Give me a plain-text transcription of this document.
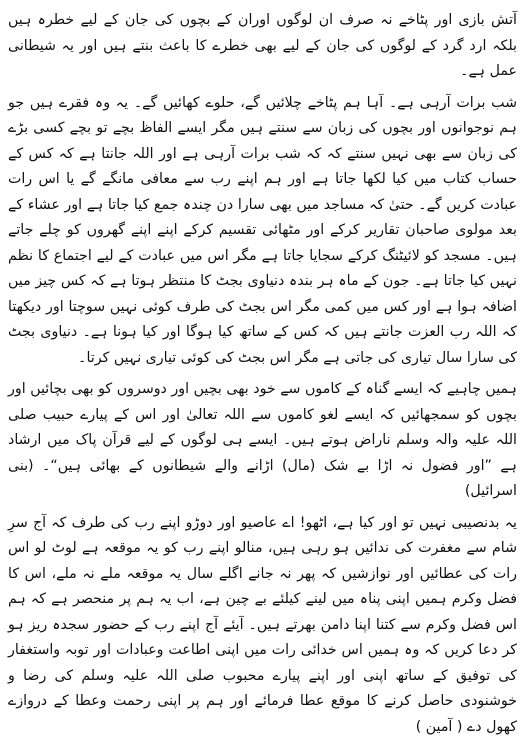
آتش بازی اور پٹاخے نہ صرف ان لوگوں اوران کے بچوں کی جان کے لیے خطرہ ہیں بلکہ ارد گرد کے لوگوں کی جان کے لیے بھی خطرے کا باعث بنتے ہیں اور یہ شیطانی عمل ہے۔

شب برات آرہی ہے۔ آہا ہم پٹاخے چلائیں گے، حلوے کھائیں گے۔ یہ وہ فقرے ہیں جو ہم نوجوانوں اور بچوں کی زبان سے سنتے ہیں مگر ایسے الفاظ بچے تو بچے کسی بڑے کی زبان سے بھی نہیں سنتے کہ کہ شب برات آرہی ہے اور اللہ جانتا ہے کہ کس کے حساب کتاب میں کیا لکھا جاتا ہے اور ہم اپنے رب سے معافی مانگے گے یا اس رات عبادت کریں گے۔ حتیٰ کہ مساجد میں بھی سارا دن چندہ جمع کیا جاتا ہے اور عشاء کے بعد مولوی صاحبان تقاریر کرکے اور مٹھائی تقسیم کرکے اپنے اپنے گھروں کو چلے جاتے ہیں۔ مسجد کو لائیٹنگ کرکے سجایا جاتا ہے مگر اس میں عبادت کے لیے اجتماع کا نظم نہیں کیا جاتا ہے۔ جون کے ماہ ہر بندہ دنیاوی بجٹ کا منتظر ہوتا ہے کہ کس چیز میں اضافہ ہوا ہے اور کس میں کمی مگر اس بجٹ کی طرف کوئی نہیں سوچتا اور دیکھتا کہ اللہ رب العزت جانتے ہیں کہ کس کے ساتھ کیا ہوگا اور کیا ہونا ہے۔ دنیاوی بجٹ کی سارا سال تیاری کی جاتی ہے مگر اس بجٹ کی کوئی تیاری نہیں کرتا۔

ہمیں چاہیے کہ ایسے گناہ کے کاموں سے خود بھی بچیں اور دوسروں کو بھی بچائیں اور بچوں کو سمجھائیں کہ ایسے لغو کاموں سے اللہ تعالیٰ اور اس کے پیارے حبیب صلی اللہ علیہ والہ وسلم ناراض ہوتے ہیں۔ ایسے ہی لوگوں کے لیے قرآن پاک میں ارشاد ہے ”اور فضول نہ اڑا بے شک (مال) اڑانے والے شیطانوں کے بھائی ہیں“۔ (بنی اسرائیل)

یہ بدنصیبی نہیں تو اور کیا ہے، اٹھو! اے عاصیو اور دوڑو اپنے رب کی طرف کہ آج سرِ شام سے مغفرت کی ندائیں ہو رہی ہیں، منالو اپنے رب کو یہ موقعہ ہے لوٹ لو اس رات کی عطائیں اور نوازشیں کہ پھر نہ جانے اگلے سال یہ موقعہ ملے نہ ملے، اس کا فضل وکرم ہمیں اپنی پناہ میں لینے کیلئے بے چین ہے، اب یہ ہم پر منحصر ہے کہ ہم اس فضل وکرم سے کتنا اپنا دامن بھرتے ہیں۔ آیئے آج اپنے رب کے حضور سجدہ ریز ہو کر دعا کریں کہ وہ ہمیں اس خدائی رات میں اپنی اطاعت وعبادات اور توبہ واستغفار کی توفیق کے ساتھ اپنی اور اپنے پیارے محبوب صلی اللہ علیہ وسلم کی رضا و خوشنودی حاصل کرنے کا موقع عطا فرمائے اور ہم پر اپنی رحمت وعطا کے دروازے کھول دے ( آمین )
